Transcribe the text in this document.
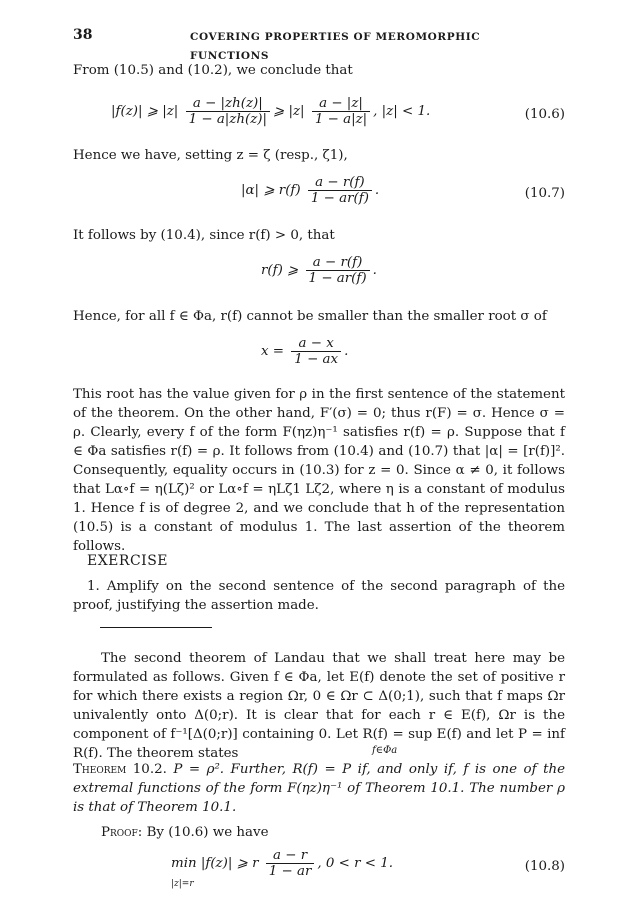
38	COVERING PROPERTIES OF MEROMORPHIC FUNCTIONS
From (10.5) and (10.2), we conclude that
|f(z)| ⩾ $|z| \frac{a - |zh(z)|}{1 - a|zh(z)|}$ ⩾ $|z| \frac{a - |z|}{1 - a|z|}$ , |z| < 1.	(10.6)
Hence we have, setting z = ζ (resp., ζ1),
|α| ⩾ $r(f) \frac{a - r(f)}{1 - ar(f)}$ .	(10.7)
It follows by (10.4), since r(f) > 0, that
r(f) ⩾ $\frac{a - r(f)}{1 - ar(f)}$ .
Hence, for all f ∈ Φa, r(f) cannot be smaller than the smaller root σ of
$x = \frac{a - x}{1 - ax}$ .
This root has the value given for ρ in the first sentence of the statement of the theorem. On the other hand, F′(σ) = 0; thus r(F) = σ. Hence σ = ρ. Clearly, every f of the form F(ηz)η⁻¹ satisfies r(f) = ρ. Suppose that f ∈ Φa satisfies r(f) = ρ. It follows from (10.4) and (10.7) that |α| = [r(f)]². Consequently, equality occurs in (10.3) for z = 0. Since α ≠ 0, it follows that Lα∘f = η(Lζ)² or Lα∘f = ηLζ1 Lζ2, where η is a constant of modulus 1. Hence f is of degree 2, and we conclude that h of the representation (10.5) is a constant of modulus 1. The last assertion of the theorem follows.
EXERCISE
1. Amplify on the second sentence of the second paragraph of the proof, justifying the assertion made.
The second theorem of Landau that we shall treat here may be formulated as follows. Given f ∈ Φa, let E(f) denote the set of positive r for which there exists a region Ωr, 0 ∈ Ωr ⊂ Δ(0;1), such that f maps Ωr univalently onto Δ(0;r). It is clear that for each r ∈ E(f), Ωr is the component of f⁻¹[Δ(0;r)] containing 0. Let R(f) = sup E(f) and let P = inf R(f). The theorem states	f∈Φa
Theorem 10.2. P = ρ². Further, R(f) = P if, and only if, f is one of the extremal functions of the form F(ηz)η⁻¹ of Theorem 10.1. The number ρ is that of Theorem 10.1.
Proof: By (10.6) we have
min |f(z)| ⩾ r $\frac{a - r}{1 - ar}$ , 0 < r < 1.
|z|=r
(10.8)
